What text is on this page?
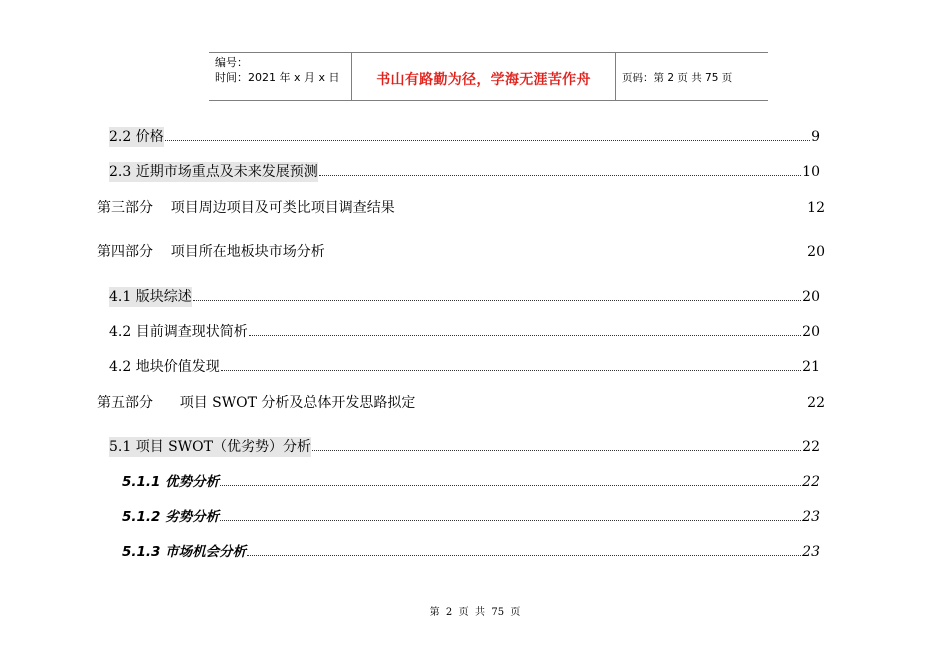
编号：
时间：2021 年 x 月 x 日	书山有路勤为径，学海无涯苦作舟	页码：第 2 页 共 75 页
2.2 价格	9
2.3 近期市场重点及未来发展预测	10
第三部分    项目周边项目及可类比项目调查结果	12
第四部分    项目所在地板块市场分析	20
4.1 版块综述	20
4.2 目前调查现状简析	20
4.2 地块价值发现	21
第五部分      项目 SWOT 分析及总体开发思路拟定	22
5.1 项目 SWOT（优劣势）分析	22
5.1.1 优势分析	22
5.1.2 劣势分析	23
5.1.3 市场机会分析	23
第  2  页  共  75  页
